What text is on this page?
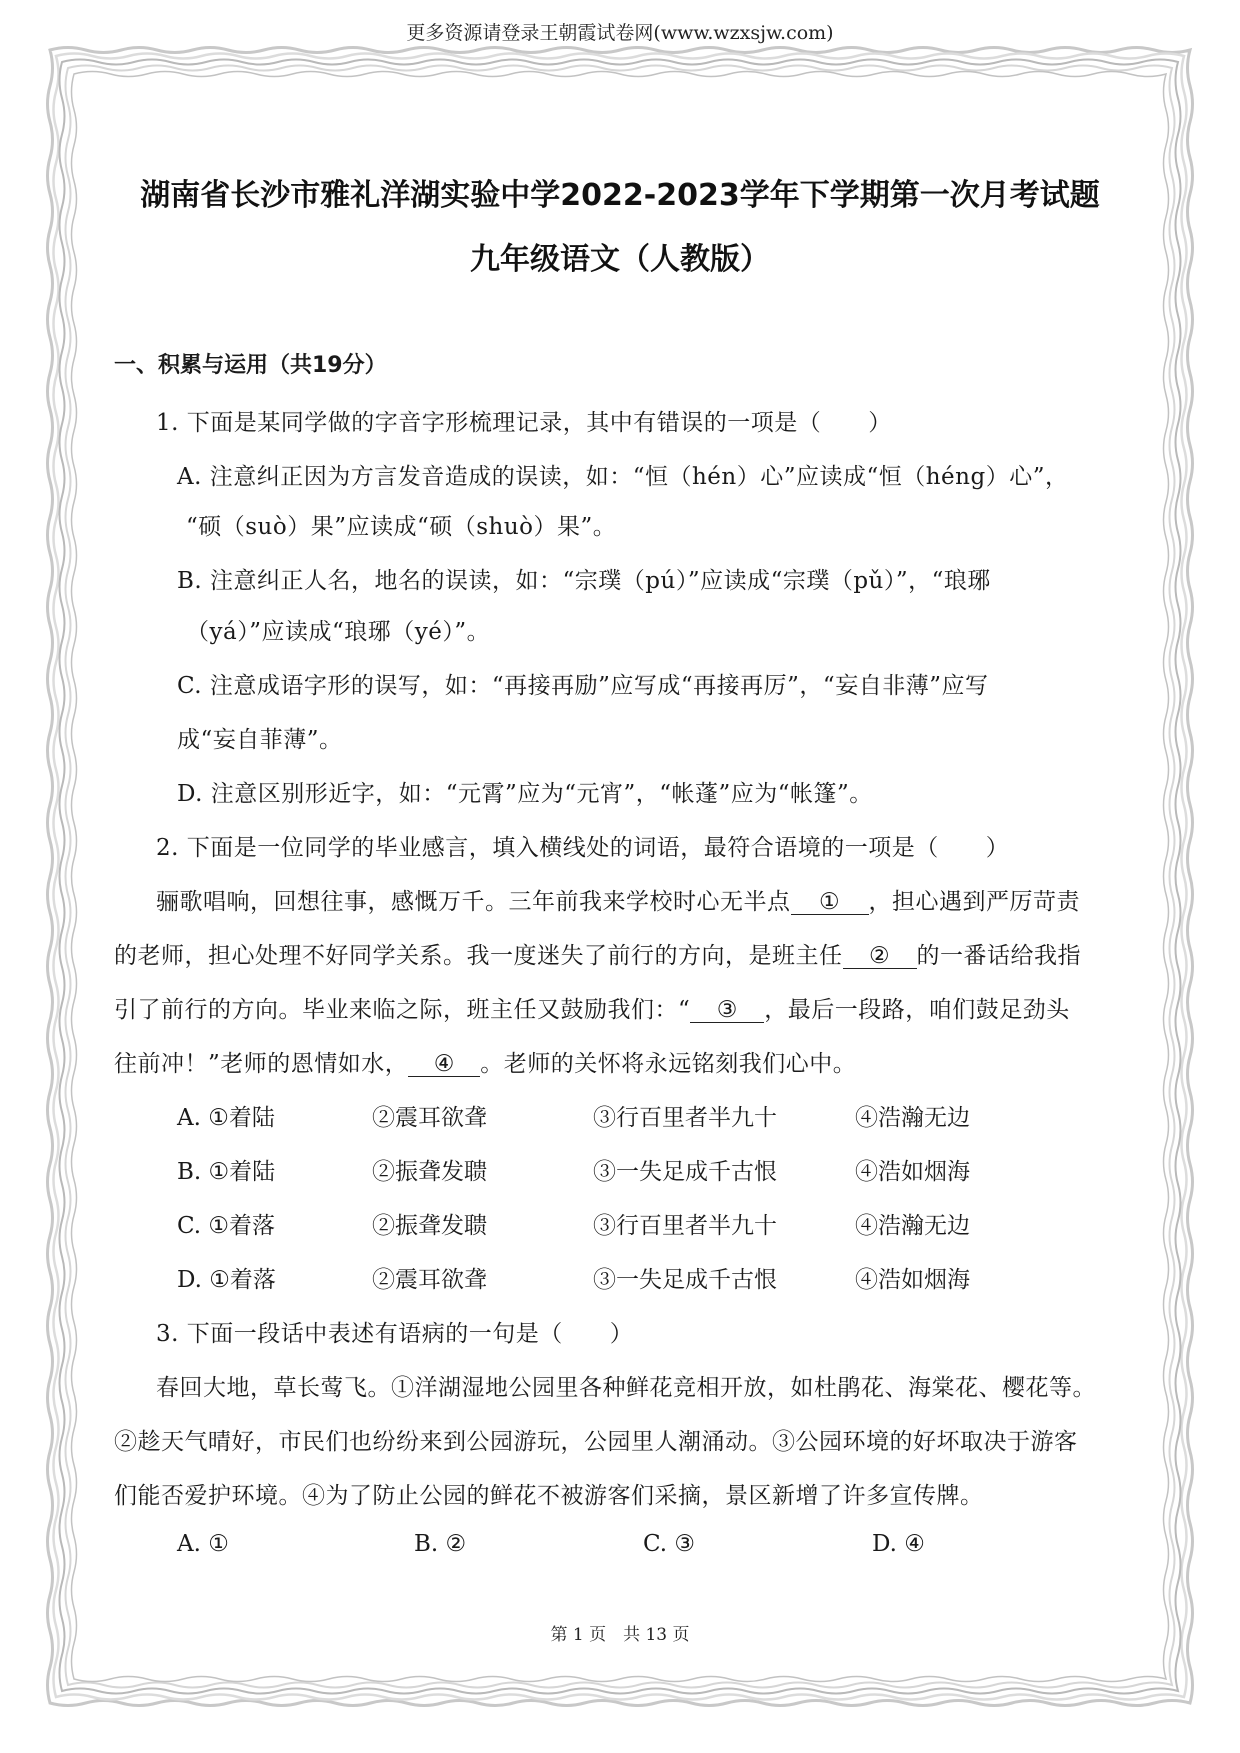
更多资源请登录王朝霞试卷网(www.wzxsjw.com)
湖南省长沙市雅礼洋湖实验中学2022-2023学年下学期第一次月考试题
九年级语文（人教版）
一、积累与运用（共19分）
1. 下面是某同学做的字音字形梳理记录，其中有错误的一项是（　　）
A. 注意纠正因为方言发音造成的误读，如：“恒（hén）心”应读成“恒（héng）心”，
“硕（suò）果”应读成“硕（shuò）果”。
B. 注意纠正人名，地名的误读，如：“宗璞（pú）”应读成“宗璞（pǔ）”，“琅琊
（yá）”应读成“琅琊（yé）”。
C. 注意成语字形的误写，如：“再接再励”应写成“再接再厉”，“妄自非薄”应写
成“妄自菲薄”。
D. 注意区别形近字，如：“元霄”应为“元宵”，“帐蓬”应为“帐篷”。
2. 下面是一位同学的毕业感言，填入横线处的词语，最符合语境的一项是（　　）
骊歌唱响，回想往事，感慨万千。三年前我来学校时心无半点 ① ，担心遇到严厉苛责
的老师，担心处理不好同学关系。我一度迷失了前行的方向，是班主任 ② 的一番话给我指
引了前行的方向。毕业来临之际，班主任又鼓励我们：“ ③ ，最后一段路，咱们鼓足劲头
往前冲！”老师的恩情如水， ④ 。老师的关怀将永远铭刻我们心中。
A. ①着陆	②震耳欲聋	③行百里者半九十	④浩瀚无边
B. ①着陆	②振聋发聩	③一失足成千古恨	④浩如烟海
C. ①着落	②振聋发聩	③行百里者半九十	④浩瀚无边
D. ①着落	②震耳欲聋	③一失足成千古恨	④浩如烟海
3. 下面一段话中表述有语病的一句是（　　）
春回大地，草长莺飞。①洋湖湿地公园里各种鲜花竞相开放，如杜鹃花、海棠花、樱花等。
②趁天气晴好，市民们也纷纷来到公园游玩，公园里人潮涌动。③公园环境的好坏取决于游客
们能否爱护环境。④为了防止公园的鲜花不被游客们采摘，景区新增了许多宣传牌。
A. ①	B. ②	C. ③	D. ④
第 1 页　共 13 页
